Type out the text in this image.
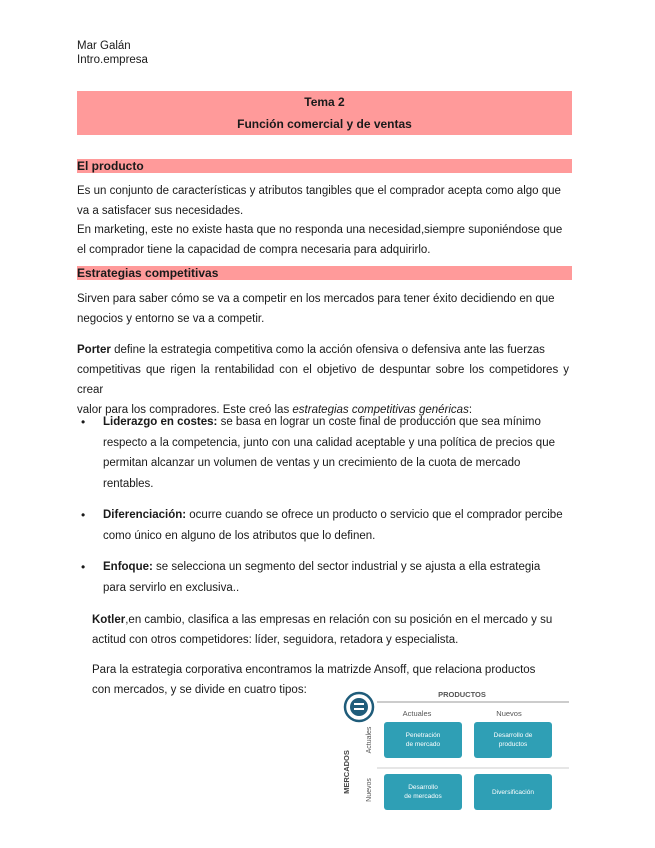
Mar Galán
Intro.empresa
Tema 2
Función comercial y de ventas
El producto
Es un conjunto de características y atributos tangibles que el comprador acepta como algo que
va a satisfacer sus necesidades.
En marketing, este no existe hasta que no responda una necesidad,siempre suponiéndose que
el comprador tiene la capacidad de compra necesaria para adquirirlo.
Estrategias competitivas
Sirven para saber cómo se va a competir en los mercados para tener éxito decidiendo en que
negocios y entorno se va a competir.
Porter define la estrategia competitiva como la acción ofensiva o defensiva ante las fuerzas
competitivas que rigen la rentabilidad con el objetivo de despuntar sobre los competidores y crear
valor para los compradores. Este creó las estrategias competitivas genéricas:
• Liderazgo en costes: se basa en lograr un coste final de producción que sea mínimo
respecto a la competencia, junto con una calidad aceptable y una política de precios que
permitan alcanzar un volumen de ventas y un crecimiento de la cuota de mercado
rentables.
• Diferenciación: ocurre cuando se ofrece un producto o servicio que el comprador percibe
como único en alguno de los atributos que lo definen.
• Enfoque: se selecciona un segmento del sector industrial y se ajusta a ella estrategia
para servirlo en exclusiva..
Kotler,en cambio, clasifica a las empresas en relación con su posición en el mercado y su
actitud con otros competidores: líder, seguidora, retadora y especialista.
Para la estrategia corporativa encontramos la matrizde Ansoff, que relaciona productos
con mercados, y se divide en cuatro tipos:	PRODUCTOS
Actuales	Nuevos
MERCADOS
Actuales
Nuevos
Penetración
de mercado
Desarrollo de
productos
Desarrollo
de mercados
Diversificación
